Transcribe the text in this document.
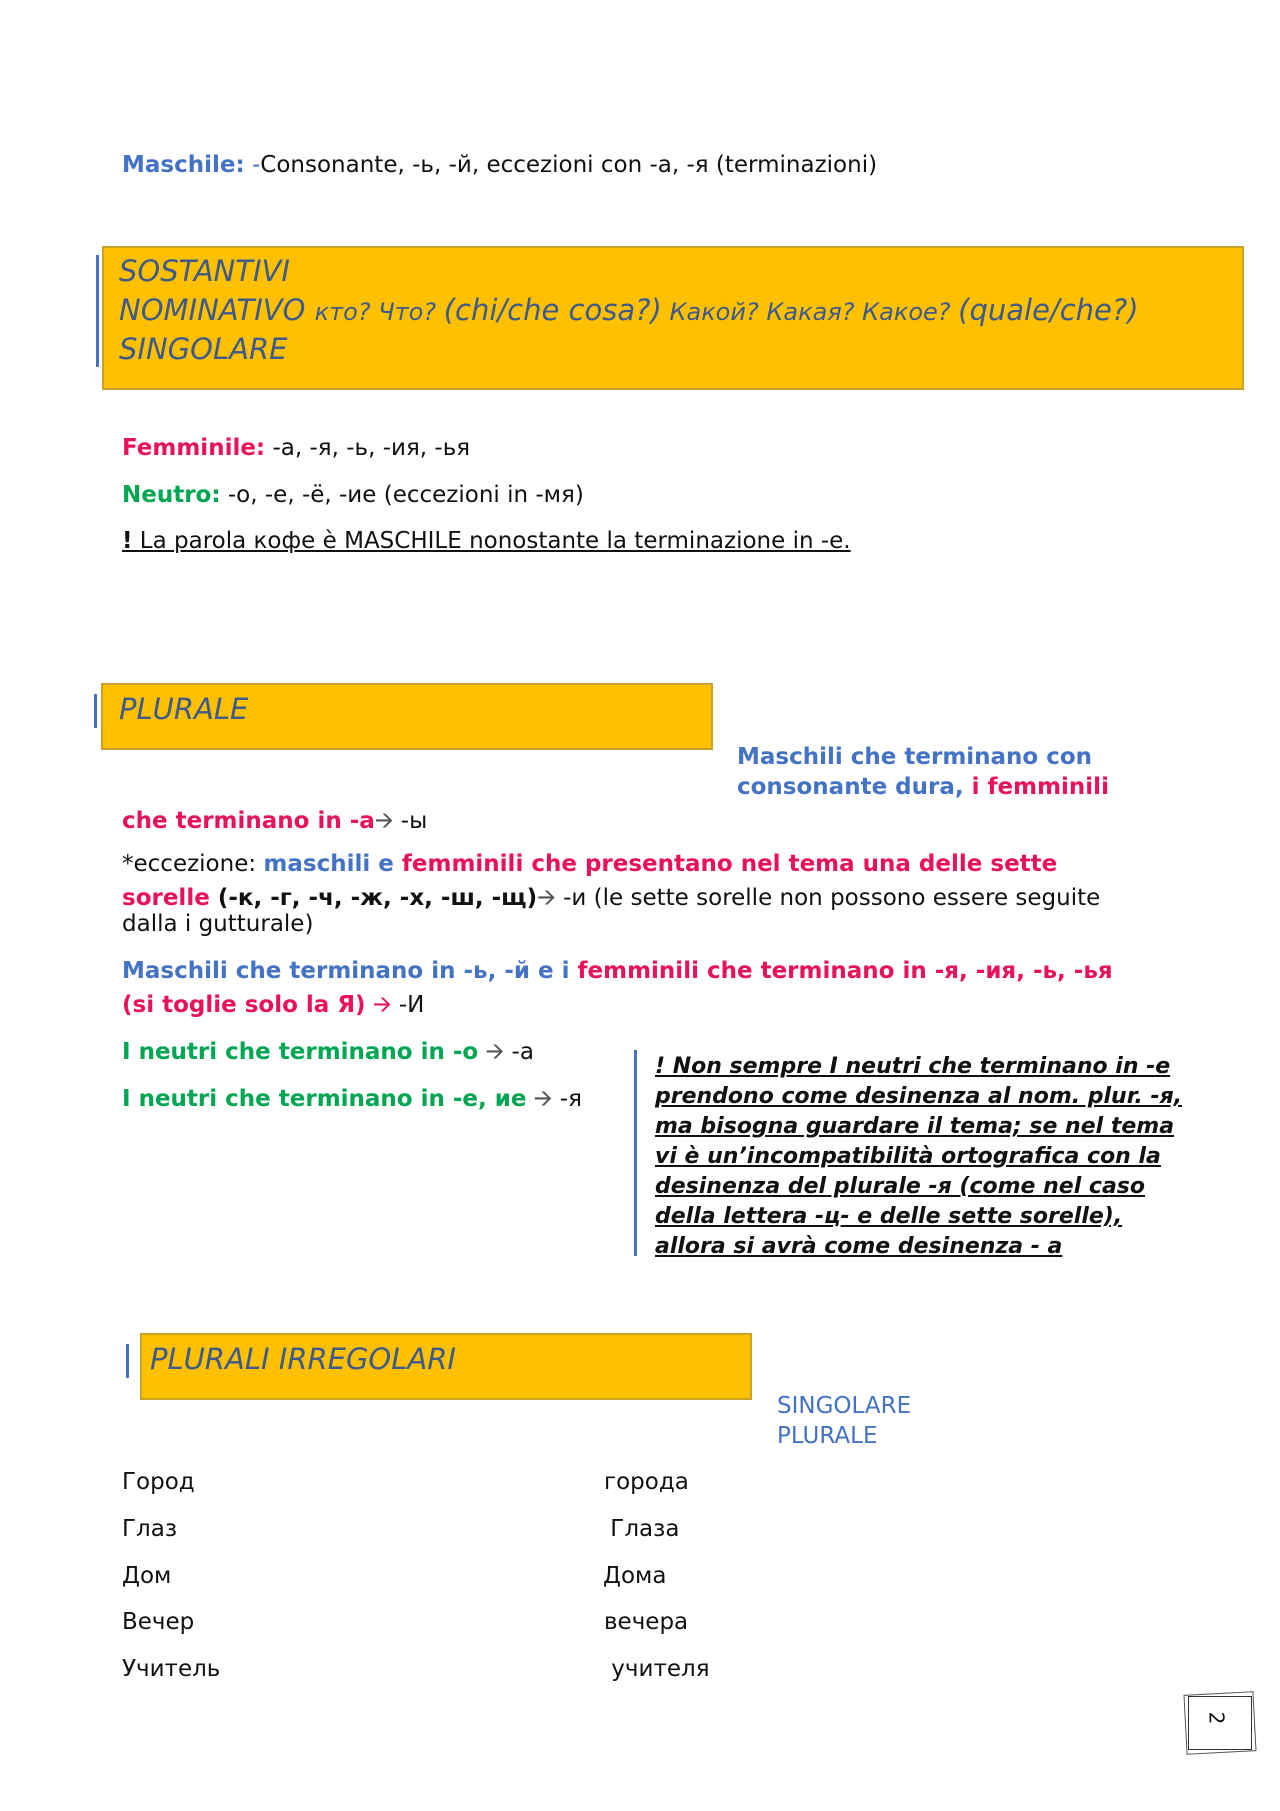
Maschile: -Consonante, -ь, -й, eccezioni con -а, -я (terminazioni)
SOSTANTIVI
NOMINATIVO кто? Что? (chi/che cosa?) Какой? Какая? Какое? (quale/che?)
SINGOLARE
Femminile: -а, -я, -ь, -ия, -ья
Neutro: -о, -е, -ё, -ие (eccezioni in -мя)
! La parola кофе è MASCHILE nonostante la terminazione in -е.
PLURALE
Maschili che terminano con
consonante dura, i femminili
che terminano in -а🡪 -ы
*eccezione: maschili e femminili che presentano nel tema una delle sette
sorelle (-к, -г, -ч, -ж, -х, -ш, -щ)🡪 -и (le sette sorelle non possono essere seguite
dalla i gutturale)
Maschili che terminano in -ь, -й e i femminili che terminano in -я, -ия, -ь, -ья
(si toglie solo la Я) 🡪 -И
I neutri che terminano in -о 🡪 -а
I neutri che terminano in -е, ие 🡪 -я
! Non sempre I neutri che terminano in -е
prendono come desinenza al nom. plur. -я,
ma bisogna guardare il tema; se nel tema
vi è un’incompatibilità ortografica con la
desinenza del plurale -я (come nel caso
della lettera -ц- e delle sette sorelle),
allora si avrà come desinenza - a
PLURALI IRREGOLARI
SINGOLARE
PLURALE
Город	города
Глаз	Глаза
Дом	Дома
Вечер	вечера
Учитель	учителя
2
